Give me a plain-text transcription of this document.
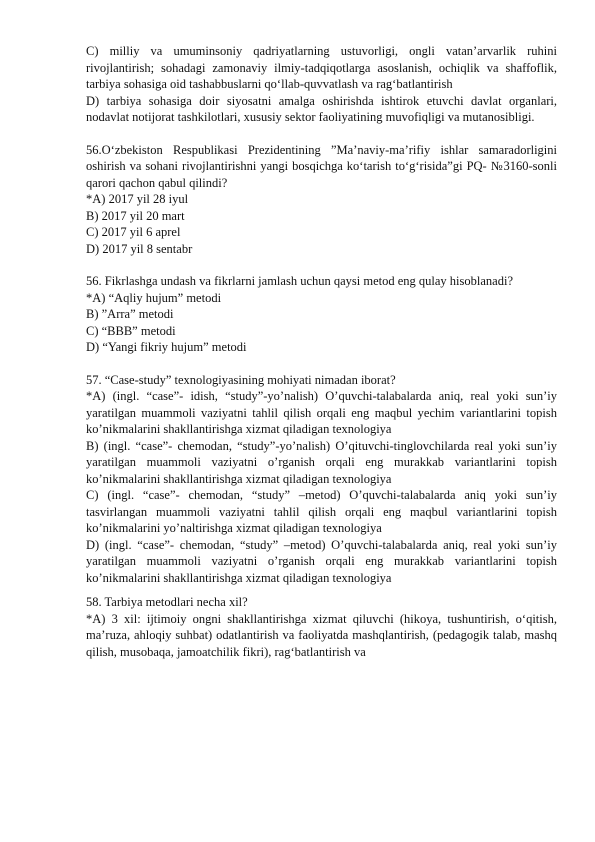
C) milliy va umuminsoniy qadriyatlarning ustuvorligi, ongli vatan’arvarlik ruhini rivojlantirish; sohadagi zamonaviy ilmiy-tadqiqotlarga asoslanish, ochiqlik va shaffoflik, tarbiya sohasiga oid tashabbuslarni qo‘llab-quvvatlash va rag‘batlantirish

D) tarbiya sohasiga doir siyosatni amalga oshirishda ishtirok etuvchi davlat organlari, nodavlat notijorat tashkilotlari, xususiy sektor faoliyatining muvofiqligi va mutanosibligi.

56.O‘zbekiston Respublikasi Prezidentining ”Ma’naviy-ma’rifiy ishlar samaradorligini oshirish va sohani rivojlantirishni yangi bosqichga ko‘tarish to‘g‘risida”gi PQ- №3160-sonli qarori qachon qabul qilindi?

*A) 2017 yil 28 iyul

B) 2017 yil 20 mart

C) 2017 yil 6 aprel

D) 2017 yil 8 sentabr

56. Fikrlashga undash va fikrlarni jamlash uchun qaysi metod eng qulay hisoblanadi?

*A) “Aqliy hujum” metodi

B) ”Arra” metodi

C) “BBB” metodi

D) “Yangi fikriy hujum” metodi

57. “Case-study” texnologiyasining mohiyati nimadan iborat?

*A) (ingl. “case”- idish, “study”-yo’nalish) O’quvchi-talabalarda aniq, real yoki sun’iy yaratilgan muammoli vaziyatni tahlil qilish orqali eng maqbul yechim variantlarini topish ko’nikmalarini shakllantirishga xizmat qiladigan texnologiya

B) (ingl. “case”- chemodan, “study”-yo’nalish) O’qituvchi-tinglovchilarda real yoki sun’iy yaratilgan muammoli vaziyatni o’rganish orqali eng murakkab variantlarini topish ko’nikmalarini shakllantirishga xizmat qiladigan texnologiya

C) (ingl. “case”- chemodan, “study” –metod) O’quvchi-talabalarda aniq yoki sun’iy tasvirlangan muammoli vaziyatni tahlil qilish orqali eng maqbul variantlarini topish ko’nikmalarini yo’naltirishga xizmat qiladigan texnologiya

D) (ingl. “case”- chemodan, “study” –metod) O’quvchi-talabalarda aniq, real yoki sun’iy yaratilgan muammoli vaziyatni o’rganish orqali eng murakkab variantlarini topish ko’nikmalarini shakllantirishga xizmat qiladigan texnologiya

58. Tarbiya metodlari necha xil?

*A) 3 xil: ijtimoiy ongni shakllantirishga xizmat qiluvchi (hikoya, tushuntirish, o‘qitish, ma’ruza, ahloqiy suhbat) odatlantirish va faoliyatda mashqlantirish, (pedagogik talab, mashq qilish, musobaqa, jamoatchilik fikri), rag‘batlantirish va
